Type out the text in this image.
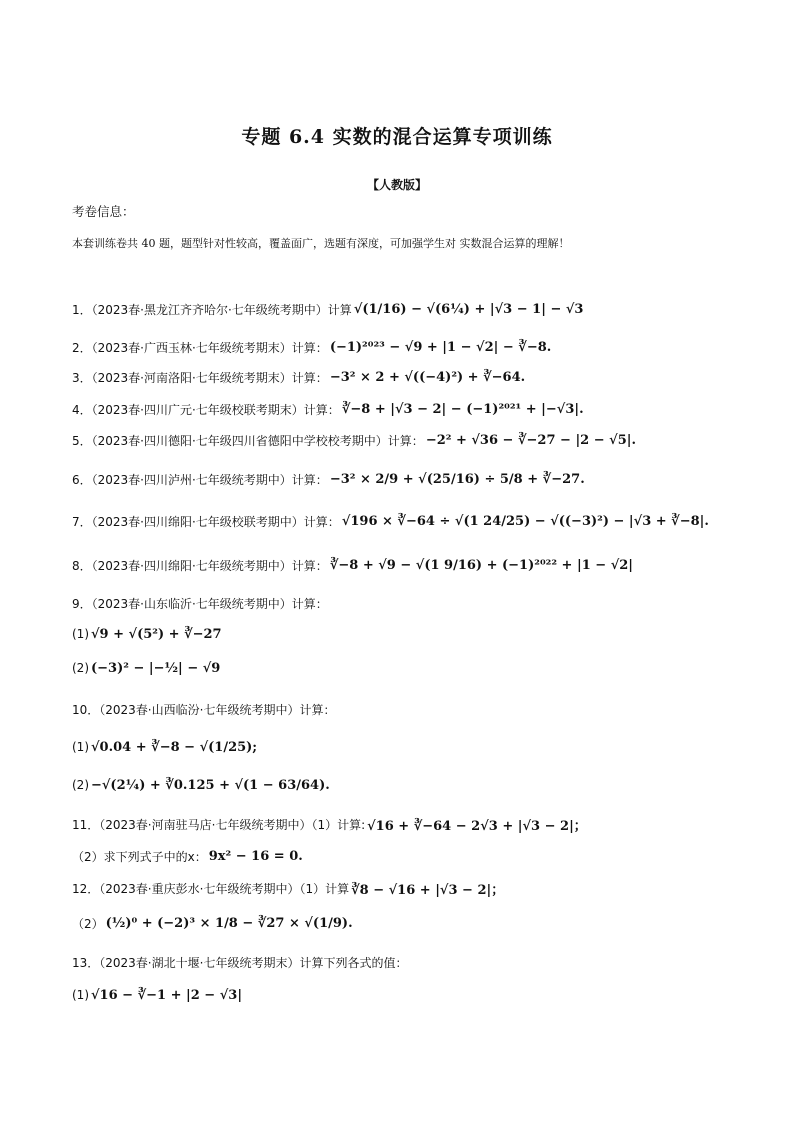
专题 6.4 实数的混合运算专项训练
【人教版】
考卷信息：
本套训练卷共 40 题，题型针对性较高，覆盖面广，选题有深度，可加强学生对 实数混合运算的理解！
1．（2023春·黑龙江齐齐哈尔·七年级统考期中）计算 √(1/16) − √(6¼) + |√3 − 1| − √3
2．（2023春·广西玉林·七年级统考期末）计算： (−1)²⁰²³ − √9 + |1 − √2| − ∛−8.
3．（2023春·河南洛阳·七年级统考期末）计算： −3² × 2 + √((−4)²) + ∛−64.
4．（2023春·四川广元·七年级校联考期末）计算： ∛−8 + |√3 − 2| − (−1)²⁰²¹ + |−√3|.
5．（2023春·四川德阳·七年级四川省德阳中学校校考期中）计算： −2² + √36 − ∛−27 − |2 − √5|.
6．（2023春·四川泸州·七年级统考期中）计算： −3² × 2/9 + √(25/16) ÷ 5/8 + ∛−27.
7．（2023春·四川绵阳·七年级校联考期中）计算： √196 × ∛−64 ÷ √(1 24/25) − √((−3)²) − |√3 + ∛−8|.
8．（2023春·四川绵阳·七年级统考期中）计算： ∛−8 + √9 − √(1 9/16) + (−1)²⁰²² + |1 − √2|
9．（2023春·山东临沂·七年级统考期中）计算：
(1) √9 + √(5²) + ∛−27
(2) (−3)² − |−½| − √9
10．（2023春·山西临汾·七年级统考期中）计算：
(1) √0.04 + ∛−8 − √(1/25);
(2) −√(2¼) + ∛0.125 + √(1 − 63/64).
11．（2023春·河南驻马店·七年级统考期中）（1）计算: √16 + ∛−64 − 2√3 + |√3 − 2|；
（2）求下列式子中的x： 9x² − 16 = 0.
12．（2023春·重庆彭水·七年级统考期中）（1）计算 ∛8 − √16 + |√3 − 2|；
（2） (½)⁰ + (−2)³ × 1/8 − ∛27 × √(1/9).
13．（2023春·湖北十堰·七年级统考期末）计算下列各式的值：
(1) √16 − ∛−1 + |2 − √3|
